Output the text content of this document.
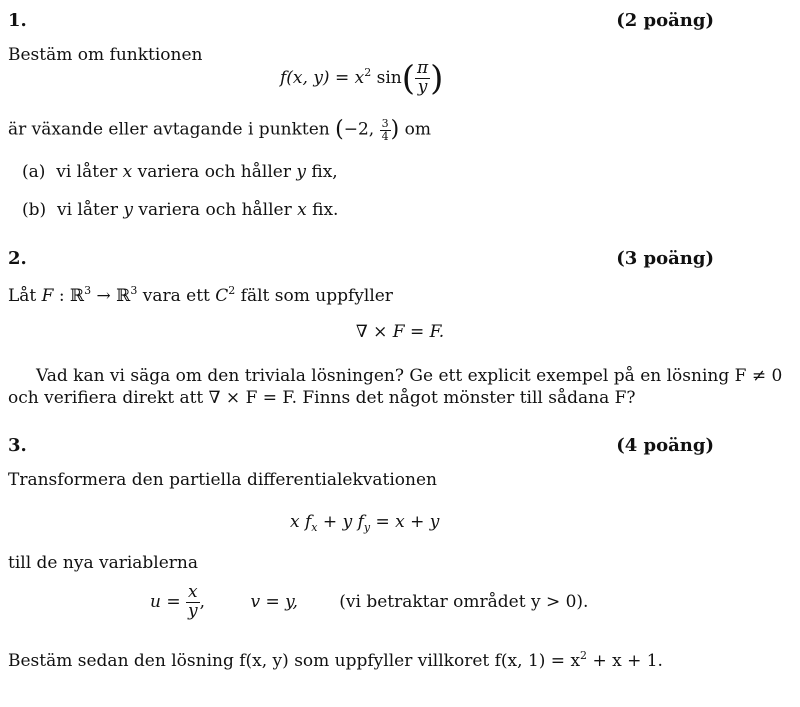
1.	(2 poäng)
Bestäm om funktionen
f(x, $y) = x^2$ $\sin( \frac{\pi}{y}$ )
är växande eller avtagande i punkten (−2, $\frac{3}{4}$ ) om
(a) vi låter x variera och håller y fix,
(b) vi låter y variera och håller x fix.
2.	(3 poäng)
Låt F : ℝ$^3$ → ℝ$^3$ vara ett $C^2$ fält som uppfyller
∇ × F = F.
Vad kan vi säga om den triviala lösningen? Ge ett explicit exempel på en lösning F ≠ 0
och verifiera direkt att ∇ × F = F. Finns det något mönster till sådana F?
3.	(4 poäng)
Transformera den partiella differentialekvationen
x $f_x + y$ $f_y = x + y$
till de nya variablerna
$u = \frac{x}{y}$ ,	v = y, (vi betraktar området y > 0).
Bestäm sedan den lösning f(x, y) som uppfyller villkoret f(x, $1) = x^2 + x + 1$.
